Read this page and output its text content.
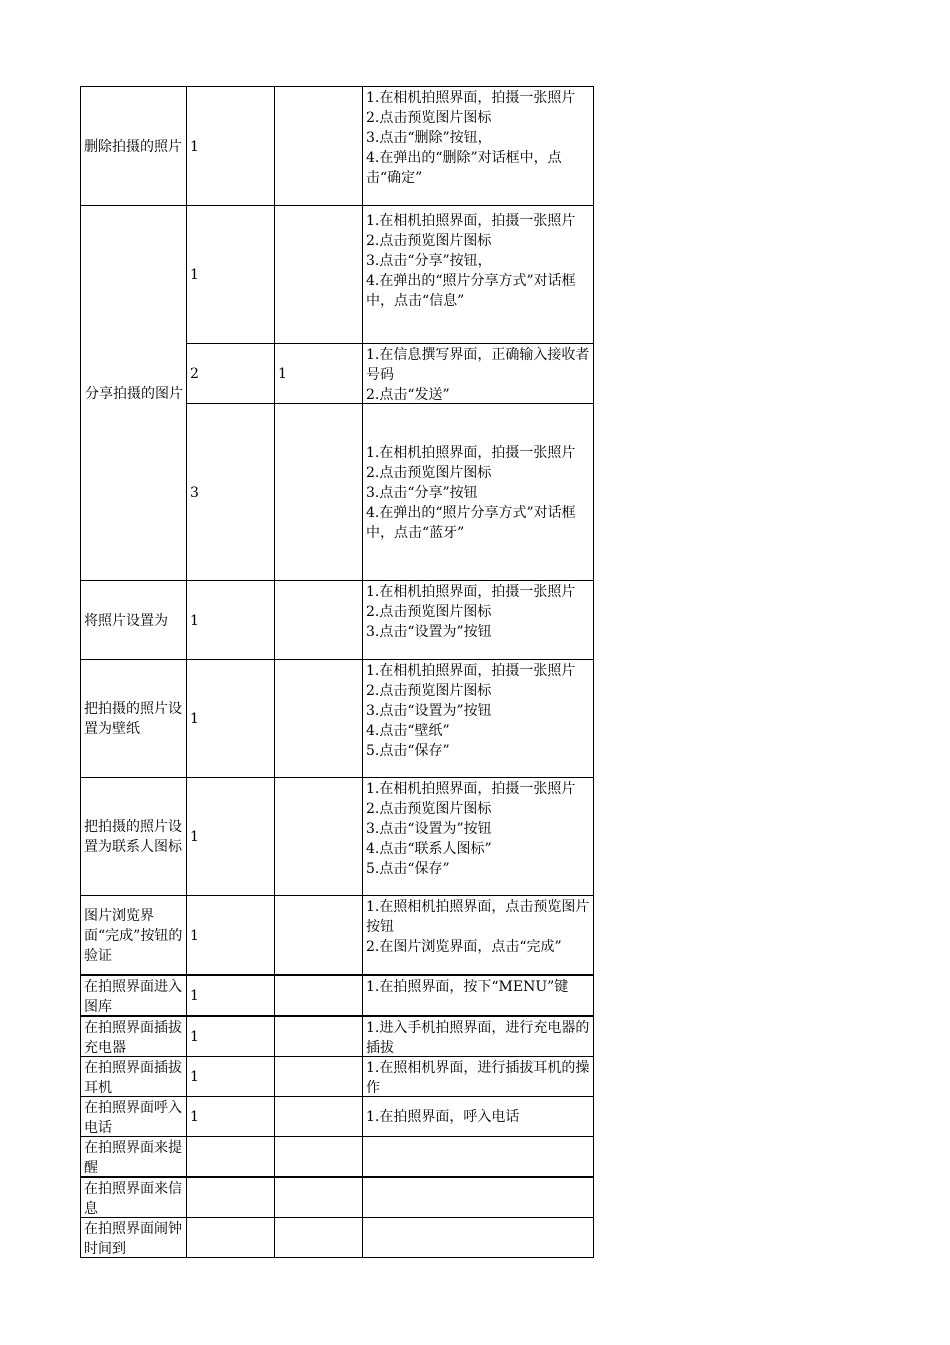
删除拍摄的照片	1		1.在相机拍照界面，拍摄一张照片
2.点击预览图片图标
3.点击“删除”按钮，
4.在弹出的“删除”对话框中，点击“确定”

分享拍摄的图片	1		1.在相机拍照界面，拍摄一张照片
2.点击预览图片图标
3.点击“分享”按钮，
4.在弹出的“照片分享方式”对话框中，点击“信息”

	2	1	1.在信息撰写界面，正确输入接收者号码
2.点击“发送”

	3		1.在相机拍照界面，拍摄一张照片
2.点击预览图片图标
3.点击“分享”按钮
4.在弹出的“照片分享方式”对话框中，点击“蓝牙”

将照片设置为	1		1.在相机拍照界面，拍摄一张照片
2.点击预览图片图标
3.点击“设置为”按钮

把拍摄的照片设置为壁纸	1		1.在相机拍照界面，拍摄一张照片
2.点击预览图片图标
3.点击“设置为”按钮
4.点击“壁纸”
5.点击“保存”

把拍摄的照片设置为联系人图标	1		1.在相机拍照界面，拍摄一张照片
2.点击预览图片图标
3.点击“设置为”按钮
4.点击“联系人图标”
5.点击“保存”

图片浏览界面“完成”按钮的验证	1		1.在照相机拍照界面，点击预览图片按钮
2.在图片浏览界面，点击“完成”

在拍照界面进入图库	1		1.在拍照界面，按下“MENU”键

在拍照界面插拔充电器	1		1.进入手机拍照界面，进行充电器的插拔

在拍照界面插拔耳机	1		1.在照相机界面，进行插拔耳机的操作

在拍照界面呼入电话	1		1.在拍照界面，呼入电话

在拍照界面来提醒			

在拍照界面来信息			

在拍照界面闹钟时间到			
